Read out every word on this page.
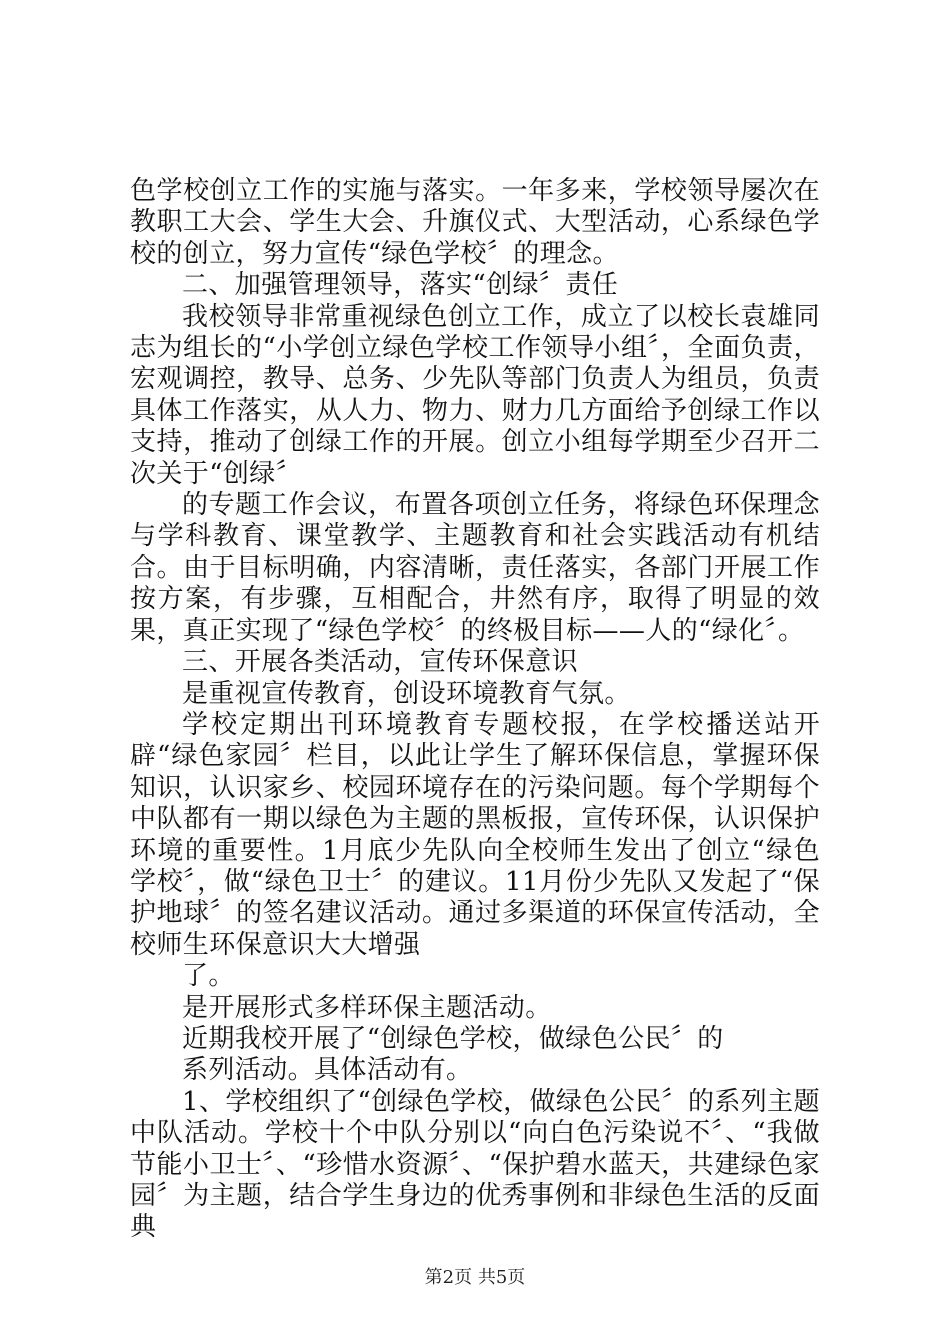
色学校创立工作的实施与落实。一年多来，学校领导屡次在教职工大会、学生大会、升旗仪式、大型活动，心系绿色学校的创立，努力宣传“绿色学校〞的理念。

二、加强管理领导，落实“创绿〞责任

我校领导非常重视绿色创立工作，成立了以校长袁雄同志为组长的“小学创立绿色学校工作领导小组〞，全面负责，宏观调控，教导、总务、少先队等部门负责人为组员，负责具体工作落实，从人力、物力、财力几方面给予创绿工作以支持，推动了创绿工作的开展。创立小组每学期至少召开二次关于“创绿〞

的专题工作会议，布置各项创立任务，将绿色环保理念与学科教育、课堂教学、主题教育和社会实践活动有机结合。由于目标明确，内容清晰，责任落实，各部门开展工作按方案，有步骤，互相配合，井然有序，取得了明显的效果，真正实现了“绿色学校〞的终极目标——人的“绿化〞。

三、开展各类活动，宣传环保意识

是重视宣传教育，创设环境教育气氛。

学校定期出刊环境教育专题校报，在学校播送站开辟“绿色家园〞栏目，以此让学生了解环保信息，掌握环保知识，认识家乡、校园环境存在的污染问题。每个学期每个中队都有一期以绿色为主题的黑板报，宣传环保，认识保护环境的重要性。1月底少先队向全校师生发出了创立“绿色学校〞，做“绿色卫士〞的建议。11月份少先队又发起了“保护地球〞的签名建议活动。通过多渠道的环保宣传活动，全校师生环保意识大大增强

了。

是开展形式多样环保主题活动。

近期我校开展了“创绿色学校，做绿色公民〞的

系列活动。具体活动有。

1、学校组织了“创绿色学校，做绿色公民〞的系列主题中队活动。学校十个中队分别以“向白色污染说不〞、“我做节能小卫士〞、“珍惜水资源〞、“保护碧水蓝天，共建绿色家园〞为主题，结合学生身边的优秀事例和非绿色生活的反面典

第2页 共5页
